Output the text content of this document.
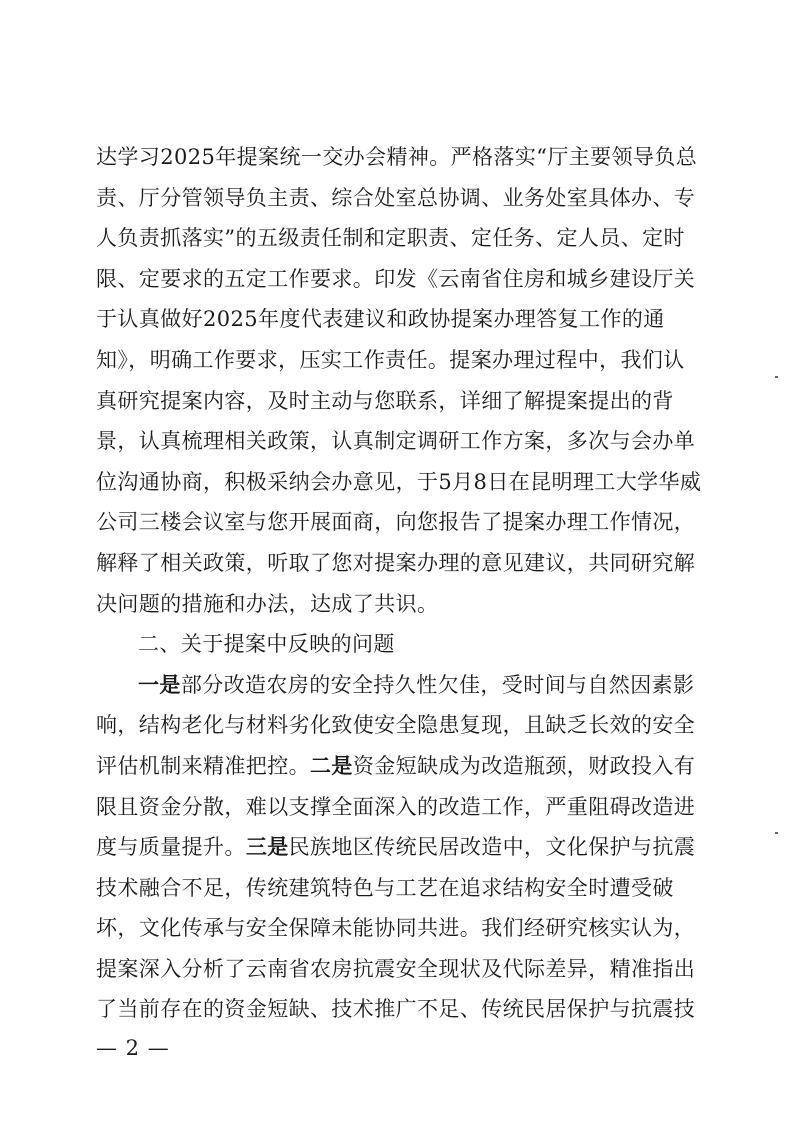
达学习2025年提案统一交办会精神。严格落实“厅主要领导负总责、厅分管领导负主责、综合处室总协调、业务处室具体办、专人负责抓落实”的五级责任制和定职责、定任务、定人员、定时限、定要求的五定工作要求。印发《云南省住房和城乡建设厅关于认真做好2025年度代表建议和政协提案办理答复工作的通知》，明确工作要求，压实工作责任。提案办理过程中，我们认真研究提案内容，及时主动与您联系，详细了解提案提出的背景，认真梳理相关政策，认真制定调研工作方案，多次与会办单位沟通协商，积极采纳会办意见，于5月8日在昆明理工大学华威公司三楼会议室与您开展面商，向您报告了提案办理工作情况，解释了相关政策，听取了您对提案办理的意见建议，共同研究解决问题的措施和办法，达成了共识。

二、关于提案中反映的问题

一是部分改造农房的安全持久性欠佳，受时间与自然因素影响，结构老化与材料劣化致使安全隐患复现，且缺乏长效的安全评估机制来精准把控。二是资金短缺成为改造瓶颈，财政投入有限且资金分散，难以支撑全面深入的改造工作，严重阻碍改造进度与质量提升。三是民族地区传统民居改造中，文化保护与抗震技术融合不足，传统建筑特色与工艺在追求结构安全时遭受破坏，文化传承与安全保障未能协同共进。我们经研究核实认为，提案深入分析了云南省农房抗震安全现状及代际差异，精准指出了当前存在的资金短缺、技术推广不足、传统民居保护与抗震技

— 2 —
